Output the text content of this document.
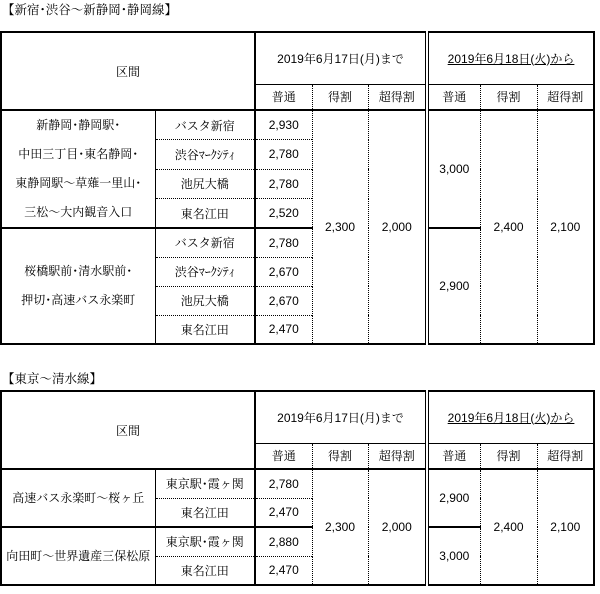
【新宿･渋谷〜新静岡･静岡線】

区間		2019年6月17日(月)まで			2019年6月18日(火)から		
		普通	得割	超得割	普通	得割	超得割

新静岡･静岡駅･
中田三丁目･東名静岡･
東静岡駅〜草薙一里山･
三松〜大内観音入口	バスタ新宿	2,930	2,300	2,000	3,000	2,400	2,100
	渋谷ﾏｰｸｼﾃｨ	2,780					
	池尻大橋	2,780					
	東名江田	2,520					

桜橋駅前･清水駅前･
押切･高速バス永楽町	バスタ新宿	2,780			2,900		
	渋谷ﾏｰｸｼﾃｨ	2,670					
	池尻大橋	2,670					
	東名江田	2,470					

【東京〜清水線】

区間		2019年6月17日(月)まで			2019年6月18日(火)から		
		普通	得割	超得割	普通	得割	超得割

高速バス永楽町〜桜ヶ丘	東京駅･霞ヶ関	2,780	2,300	2,000	2,900	2,400	2,100
	東名江田	2,470					

向田町〜世界遺産三保松原	東京駅･霞ヶ関	2,880			3,000		
	東名江田	2,470					
